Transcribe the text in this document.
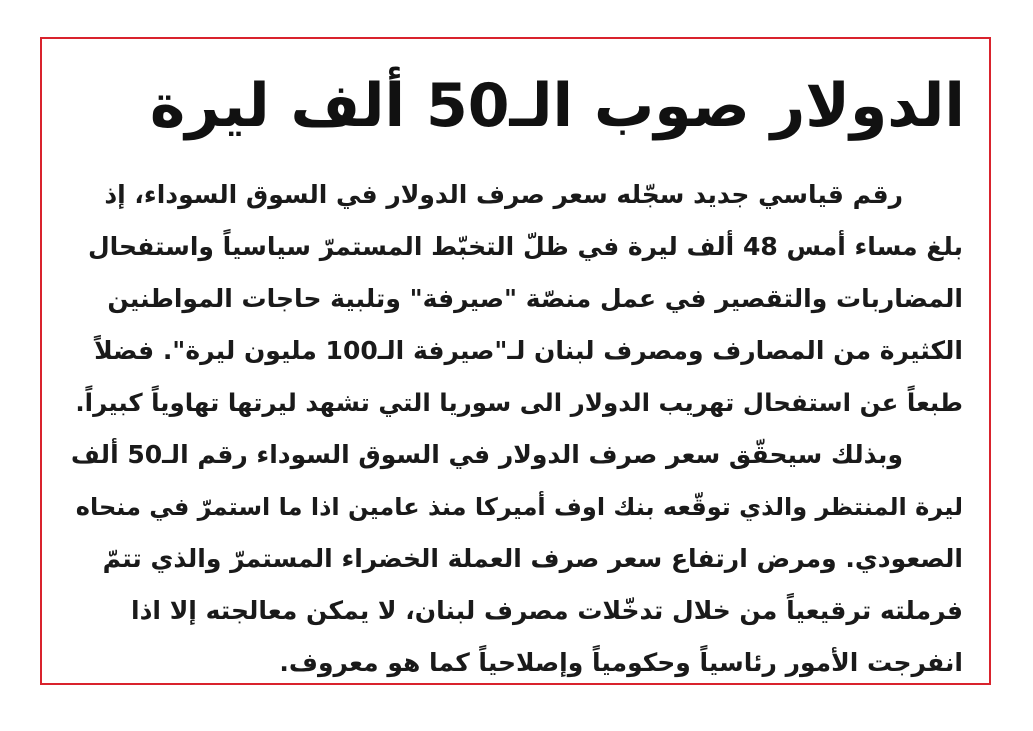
الدولار صوب الـ50 ألف ليرة
رقم قياسي جديد سجّله سعر صرف الدولار في السوق السوداء، إذ
بلغ مساء أمس 48 ألف ليرة في ظلّ التخبّط المستمرّ سياسياً واستفحال
المضاربات والتقصير في عمل منصّة "صيرفة" وتلبية حاجات المواطنين
الكثيرة من المصارف ومصرف لبنان لـ"صيرفة الـ100 مليون ليرة". فضلاً
طبعاً عن استفحال تهريب الدولار الى سوريا التي تشهد ليرتها تهاوياً كبيراً.
وبذلك سيحقّق سعر صرف الدولار في السوق السوداء رقم الـ50 ألف
ليرة المنتظر والذي توقّعه بنك اوف أميركا منذ عامين اذا ما استمرّ في منحاه
الصعودي. ومرض ارتفاع سعر صرف العملة الخضراء المستمرّ والذي تتمّ
فرملته ترقيعياً من خلال تدخّلات مصرف لبنان، لا يمكن معالجته إلا اذا
انفرجت الأمور رئاسياً وحكومياً وإصلاحياً كما هو معروف.
